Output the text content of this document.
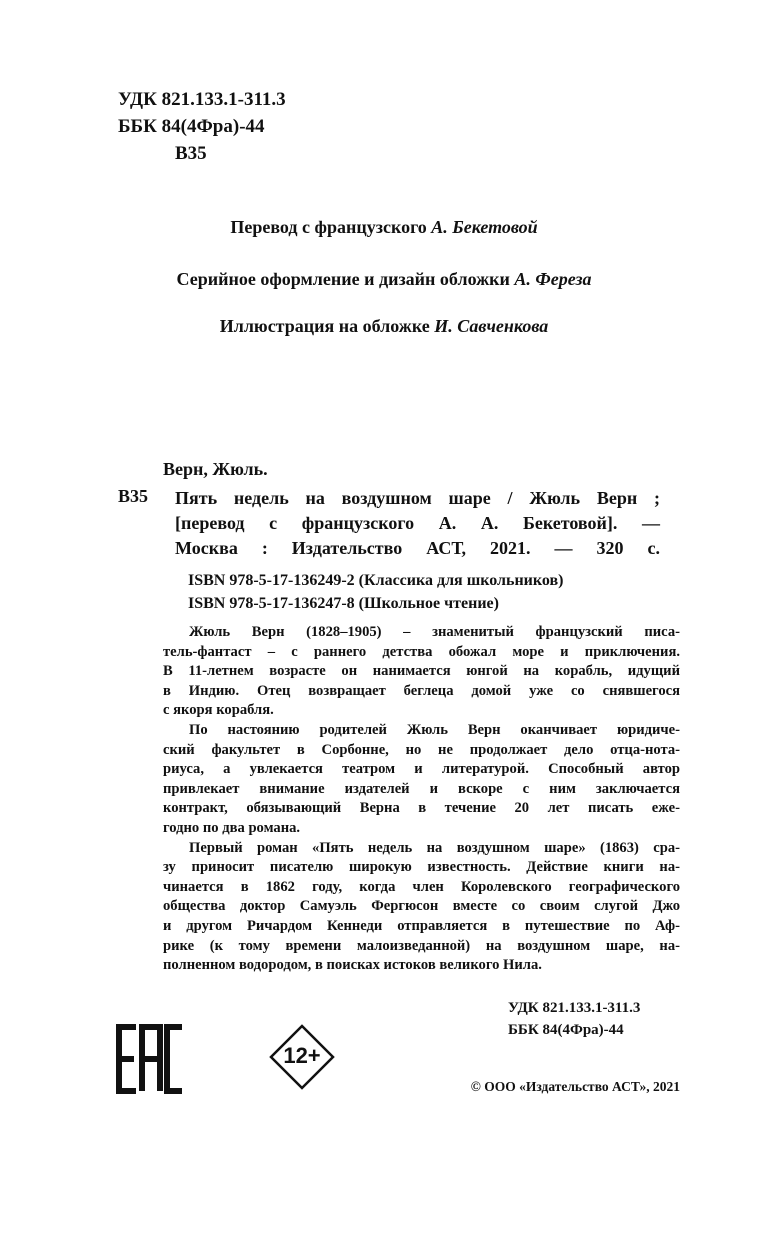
УДК 821.133.1-311.3
ББК 84(4Фра)-44
В35
Перевод с французского А. Бекетовой
Серийное оформление и дизайн обложки А. Фереза
Иллюстрация на обложке И. Савченкова
Верн, Жюль.
В35 Пять недель на воздушном шаре / Жюль Верн ;
[перевод с французского А. А. Бекетовой]. —
Москва : Издательство АСТ, 2021. — 320 с.
ISBN 978-5-17-136249-2 (Классика для школьников)
ISBN 978-5-17-136247-8 (Школьное чтение)
Жюль Верн (1828–1905) – знаменитый французский писа-
тель-фантаст – с раннего детства обожал море и приключения.
В 11-летнем возрасте он нанимается юнгой на корабль, идущий
в Индию. Отец возвращает беглеца домой уже со снявшегося
с якоря корабля.
По настоянию родителей Жюль Верн оканчивает юридиче-
ский факультет в Сорбонне, но не продолжает дело отца-нота-
риуса, а увлекается театром и литературой. Способный автор
привлекает внимание издателей и вскоре с ним заключается
контракт, обязывающий Верна в течение 20 лет писать еже-
годно по два романа.
Первый роман «Пять недель на воздушном шаре» (1863) сра-
зу приносит писателю широкую известность. Действие книги на-
чинается в 1862 году, когда член Королевского географического
общества доктор Самуэль Фергюсон вместе со своим слугой Джо
и другом Ричардом Кеннеди отправляется в путешествие по Аф-
рике (к тому времени малоизведанной) на воздушном шаре, на-
полненном водородом, в поисках истоков великого Нила.
УДК 821.133.1-311.3
ББК 84(4Фра)-44
12+
© ООО «Издательство АСТ», 2021
